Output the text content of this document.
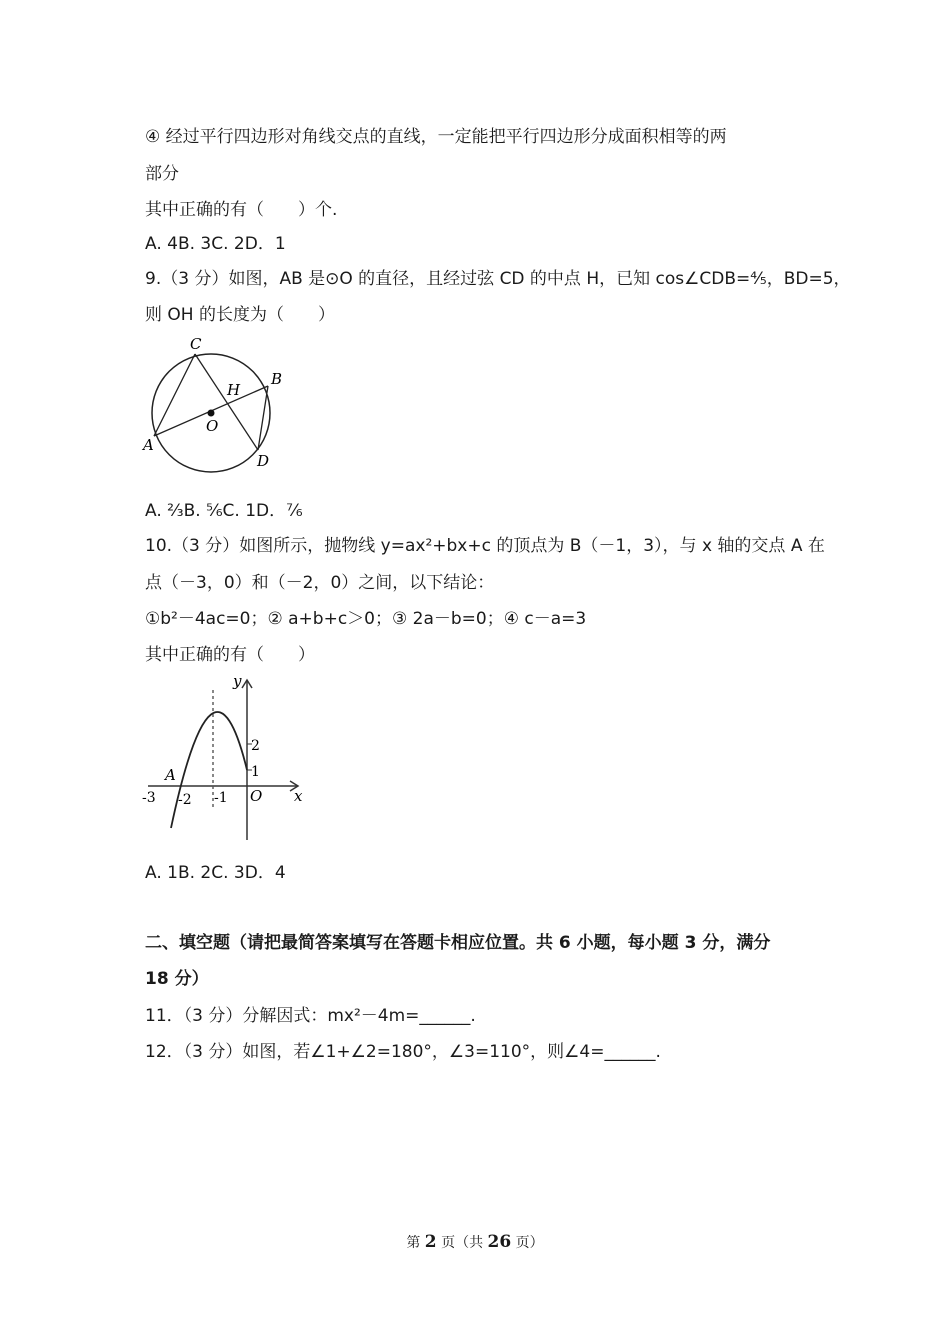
④ 经过平行四边形对角线交点的直线，一定能把平行四边形分成面积相等的两
部分
其中正确的有（　　）个.
A. 4B. 3C. 2D．1
9.（3 分）如图，AB 是⊙O 的直径，且经过弦 CD 的中点 H，已知 cos∠CDB=⁴⁄₅，BD=5，
则 OH 的长度为（　　）
C
H
B
O
A
D
A. ²⁄₃B. ⁵⁄₆C. 1D．⁷⁄₆
10.（3 分）如图所示，抛物线 y=ax²+bx+c 的顶点为 B（－1，3），与 x 轴的交点 A 在
点（－3，0）和（－2，0）之间，以下结论：
①b²－4ac=0；② a+b+c＞0；③ 2a－b=0；④ c－a=3
其中正确的有（　　）
y
x
A
O
2
1
-3 -2 -1
A. 1B. 2C. 3D．4
二、填空题（请把最简答案填写在答题卡相应位置。共 6 小题，每小题 3 分，满分
18 分）
11．（3 分）分解因式：mx²－4m=______.
12．（3 分）如图，若∠1+∠2=180°，∠3=110°，则∠4=______.
第 2 页（共 26 页）
